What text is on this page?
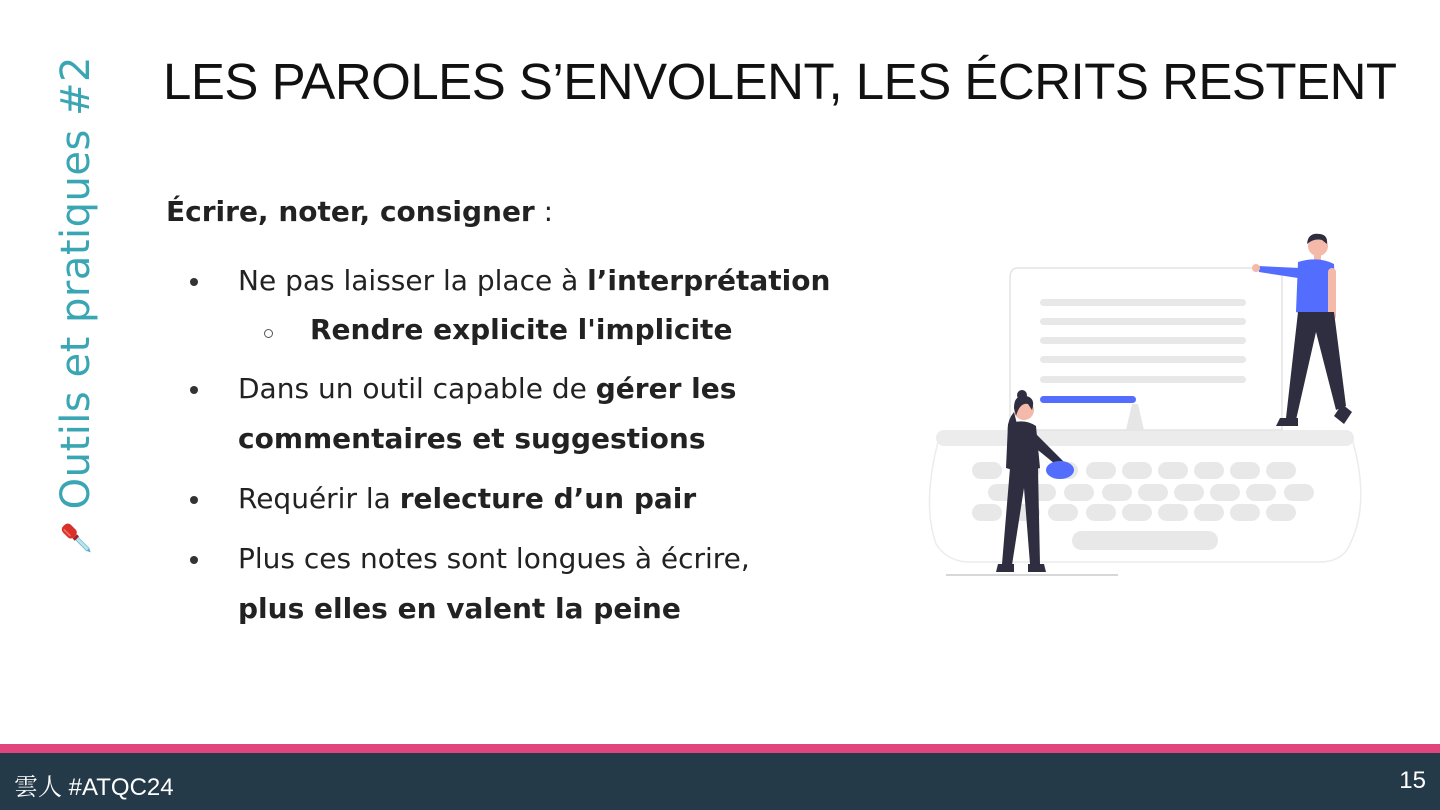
Outils et pratiques #2 LES PAROLES S’ENVOLENT, LES ÉCRITS RESTENT

Écrire, noter, consigner :

Ne pas laisser la place à l’interprétation
Rendre explicite l'implicite
Dans un outil capable de gérer les commentaires et suggestions
Requérir la relecture d’un pair
Plus ces notes sont longues à écrire,
plus elles en valent la peine
雲人 #ATQC24	15
